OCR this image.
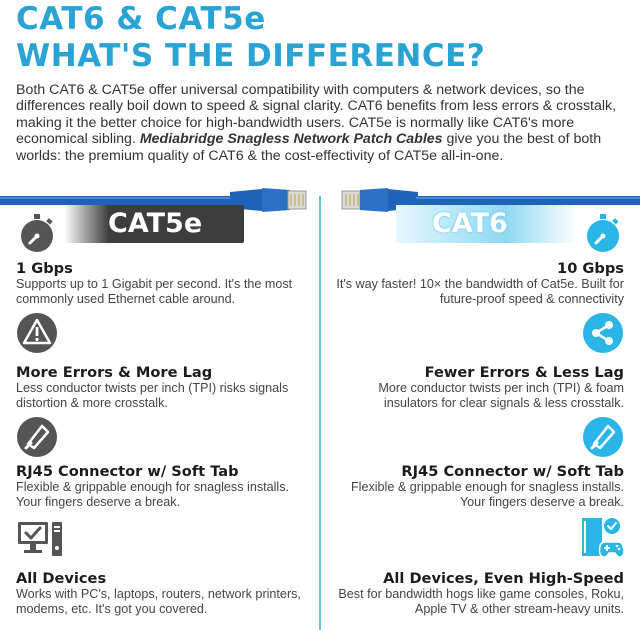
CAT6 & CAT5e
WHAT'S THE DIFFERENCE?

Both CAT6 & CAT5e offer universal compatibility with computers & network devices, so the differences really boil down to speed & signal clarity. CAT6 benefits from less errors & crosstalk, making it the better choice for high-bandwidth users. CAT5e is normally like CAT6's more economical sibling. Mediabridge Snagless Network Patch Cables give you the best of both worlds: the premium quality of CAT6 & the cost-effectivity of CAT5e all-in-one.

CAT5e	CAT6
1 Gbps
Supports up to 1 Gigabit per second. It's the most commonly used Ethernet cable around.
More Errors & More Lag
Less conductor twists per inch (TPI) risks signals distortion & more crosstalk.
RJ45 Connector w/ Soft Tab
Flexible & grippable enough for snagless installs. Your fingers deserve a break.
All Devices
Works with PC's, laptops, routers, network printers, modems, etc. It's got you covered.
10 Gbps
It's way faster! 10× the bandwidth of Cat5e. Built for future-proof speed & connectivity
Fewer Errors & Less Lag
More conductor twists per inch (TPI) & foam insulators for clear signals & less crosstalk.
RJ45 Connector w/ Soft Tab
Flexible & grippable enough for snagless installs. Your fingers deserve a break.
All Devices, Even High-Speed
Best for bandwidth hogs like game consoles, Roku, Apple TV & other stream-heavy units.
